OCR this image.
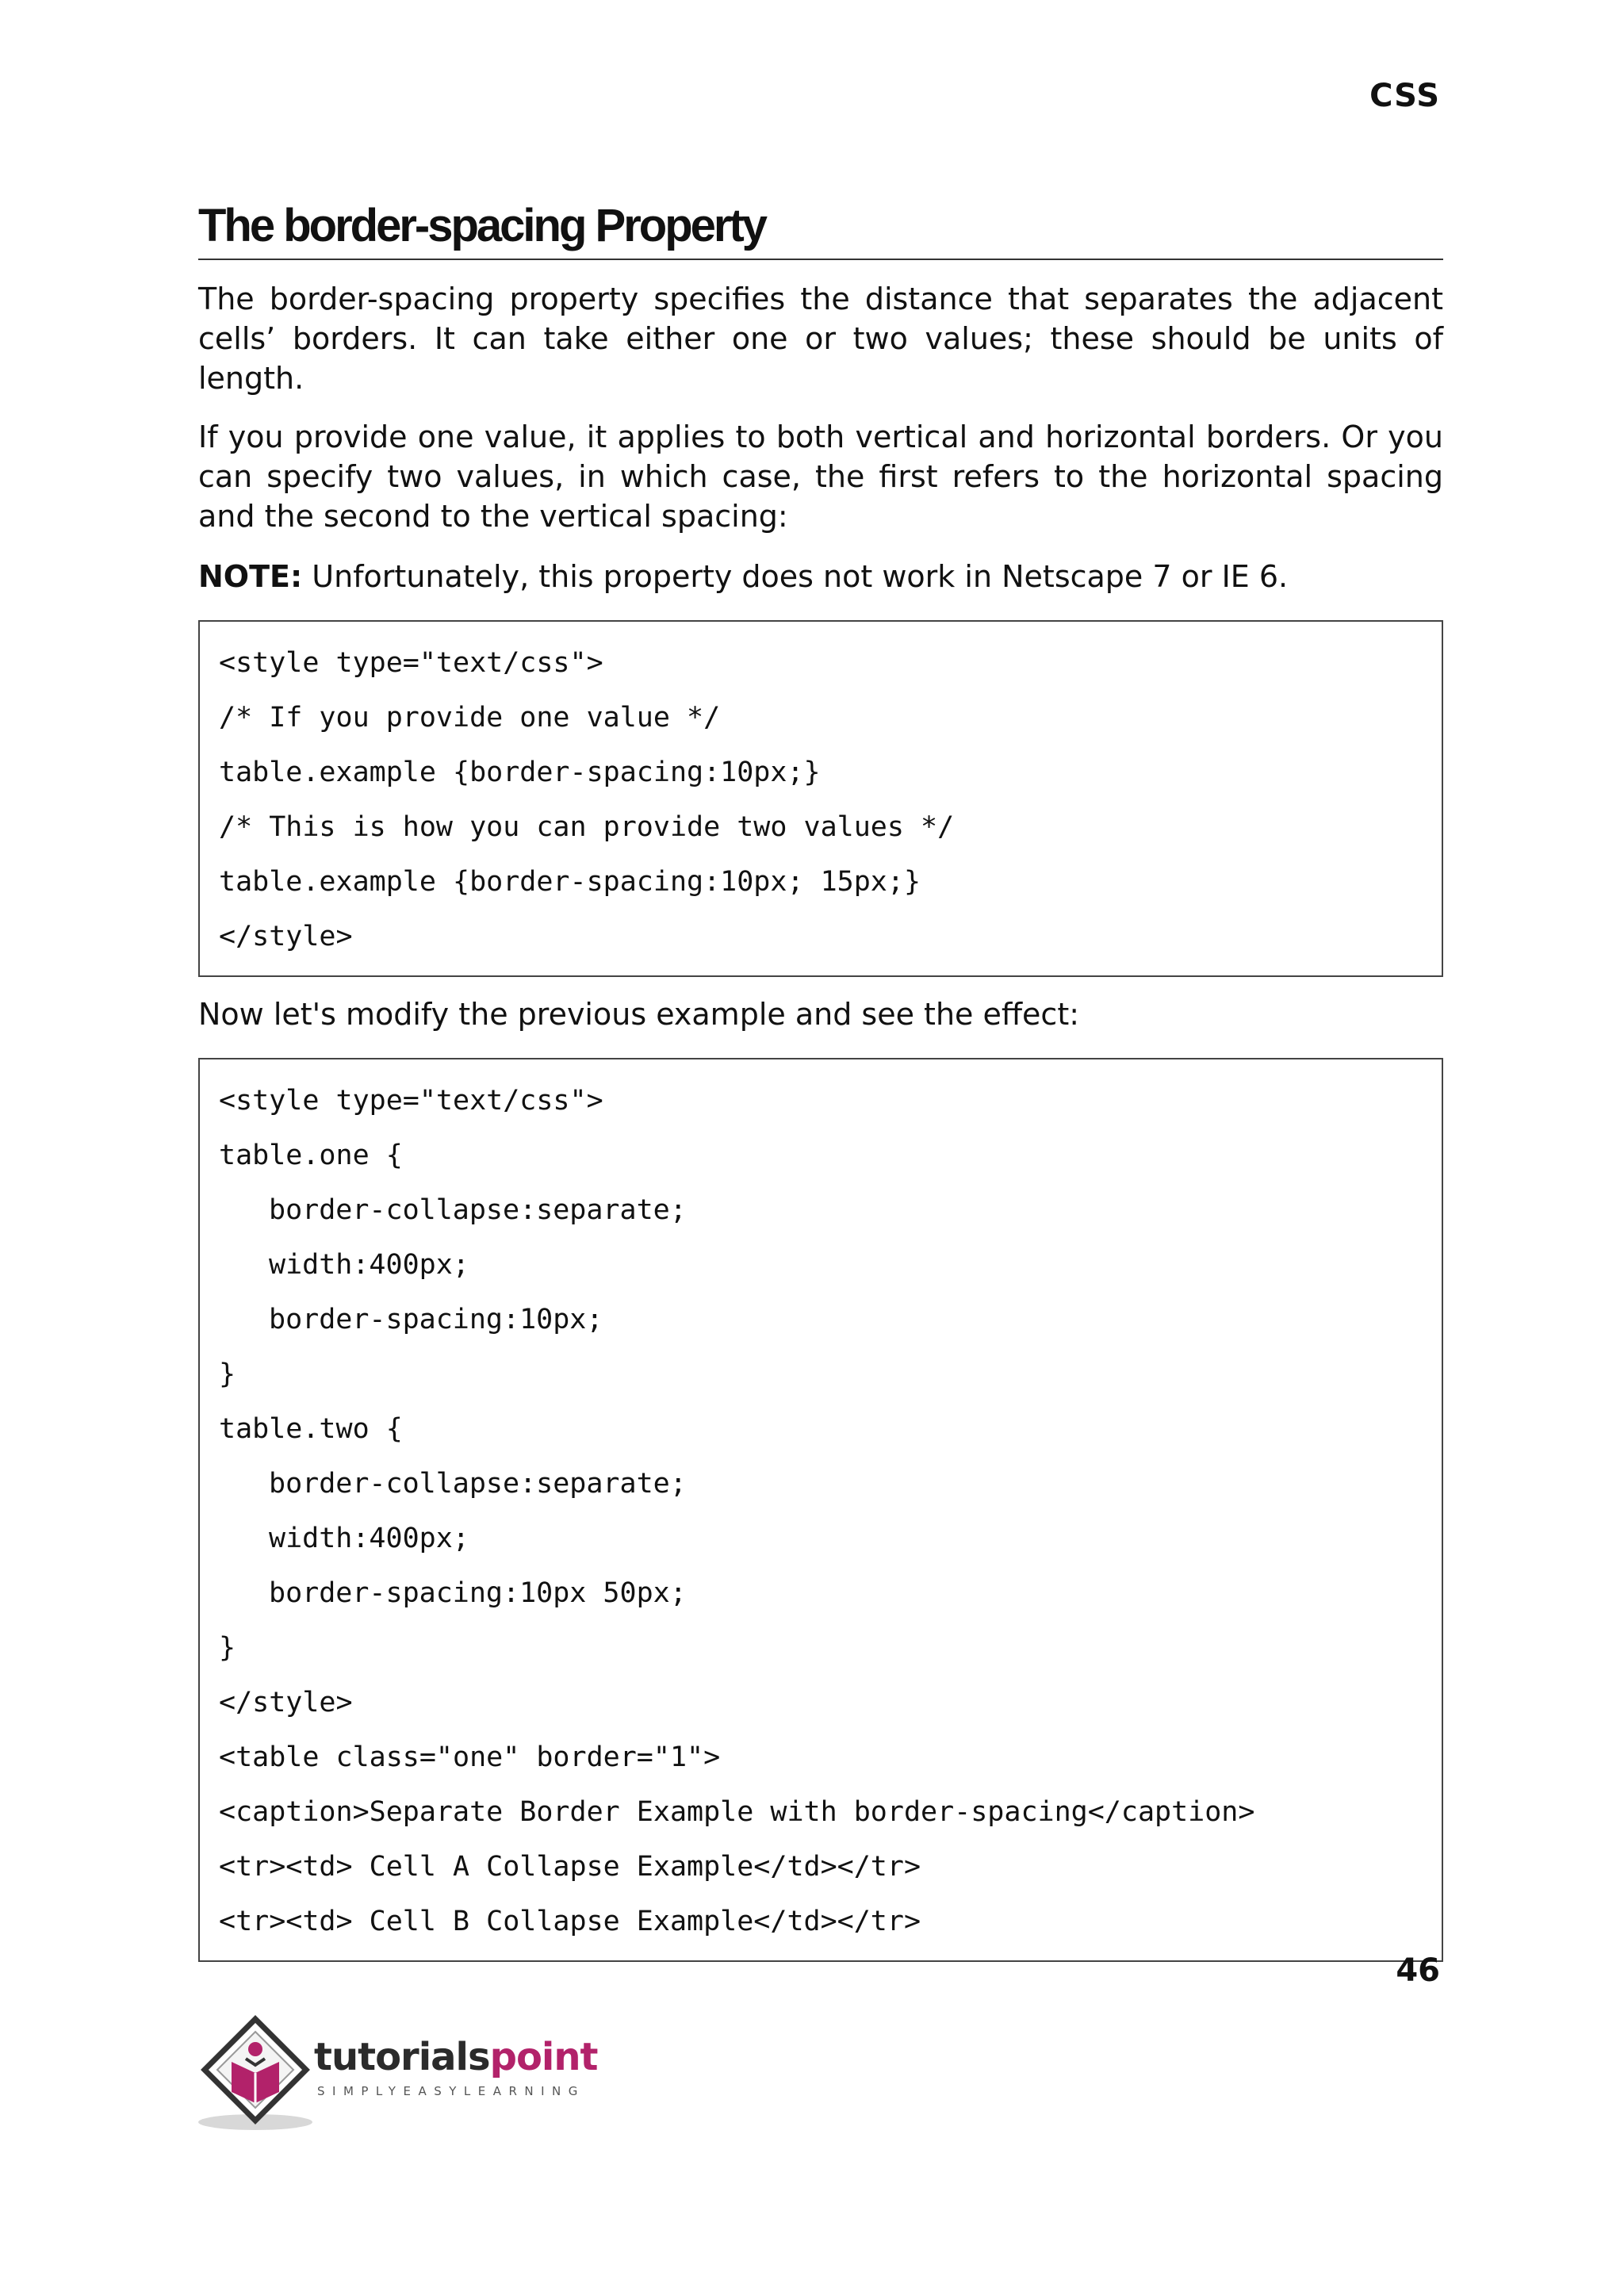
CSS
The border-spacing Property

The border-spacing property specifies the distance that separates the adjacent cells’ borders. It can take either one or two values; these should be units of length.

If you provide one value, it applies to both vertical and horizontal borders. Or you can specify two values, in which case, the first refers to the horizontal spacing and the second to the vertical spacing:

NOTE: Unfortunately, this property does not work in Netscape 7 or IE 6.

<style type="text/css">
/* If you provide one value */
table.example {border-spacing:10px;}
/* This is how you can provide two values */
table.example {border-spacing:10px; 15px;}
</style>

Now let's modify the previous example and see the effect:

<style type="text/css">
table.one {
border-collapse:separate;
width:400px;
border-spacing:10px;
}
table.two {
border-collapse:separate;
width:400px;
border-spacing:10px 50px;
}
</style>
<table class="one" border="1">
<caption>Separate Border Example with border-spacing</caption>
<tr><td> Cell A Collapse Example</td></tr>
<tr><td> Cell B Collapse Example</td></tr>
46
tutorialspoint
SIMPLYEASYLEARNING
